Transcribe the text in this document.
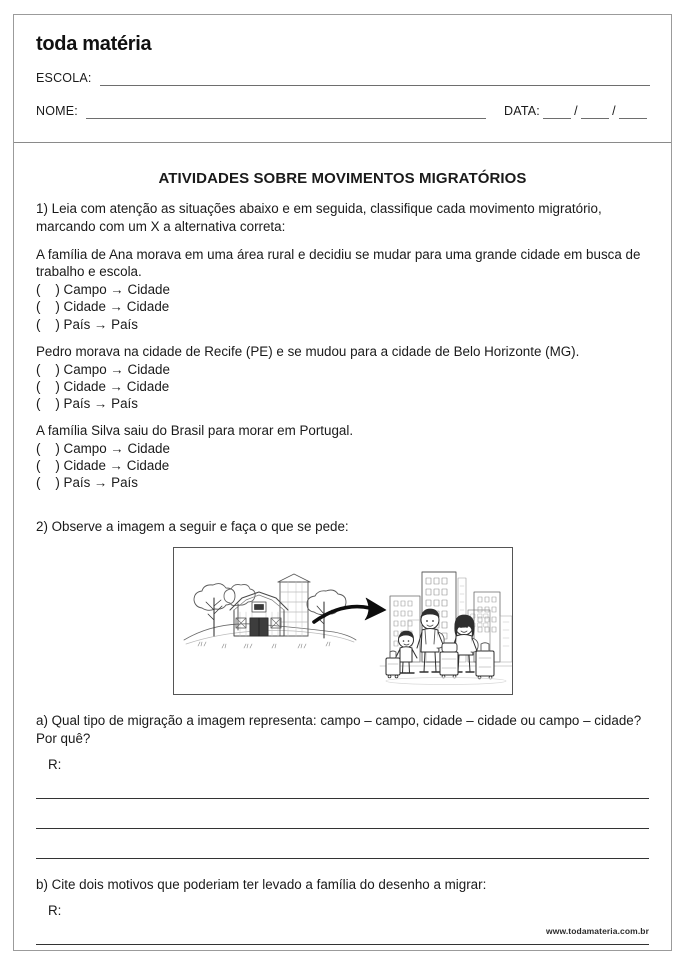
toda matéria
ESCOLA:
NOME:	DATA:	/	/
ATIVIDADES SOBRE MOVIMENTOS MIGRATÓRIOS
1) Leia com atenção as situações abaixo e em seguida, classifique cada movimento migratório, marcando com um X a alternativa correta:
A família de Ana morava em uma área rural e decidiu se mudar para uma grande cidade em busca de trabalho e escola.
(    ) Campo → Cidade
(    ) Cidade → Cidade
(    ) País → País
Pedro morava na cidade de Recife (PE) e se mudou para a cidade de Belo Horizonte (MG).
(    ) Campo → Cidade
(    ) Cidade → Cidade
(    ) País → País
A família Silva saiu do Brasil para morar em Portugal.
(    ) Campo → Cidade
(    ) Cidade → Cidade
(    ) País → País
2) Observe a imagem a seguir e faça o que se pede:
a) Qual tipo de migração a imagem representa: campo – campo, cidade – cidade ou campo – cidade? Por quê?
R:
b) Cite dois motivos que poderiam ter levado a família do desenho a migrar:
R:
www.todamateria.com.br
